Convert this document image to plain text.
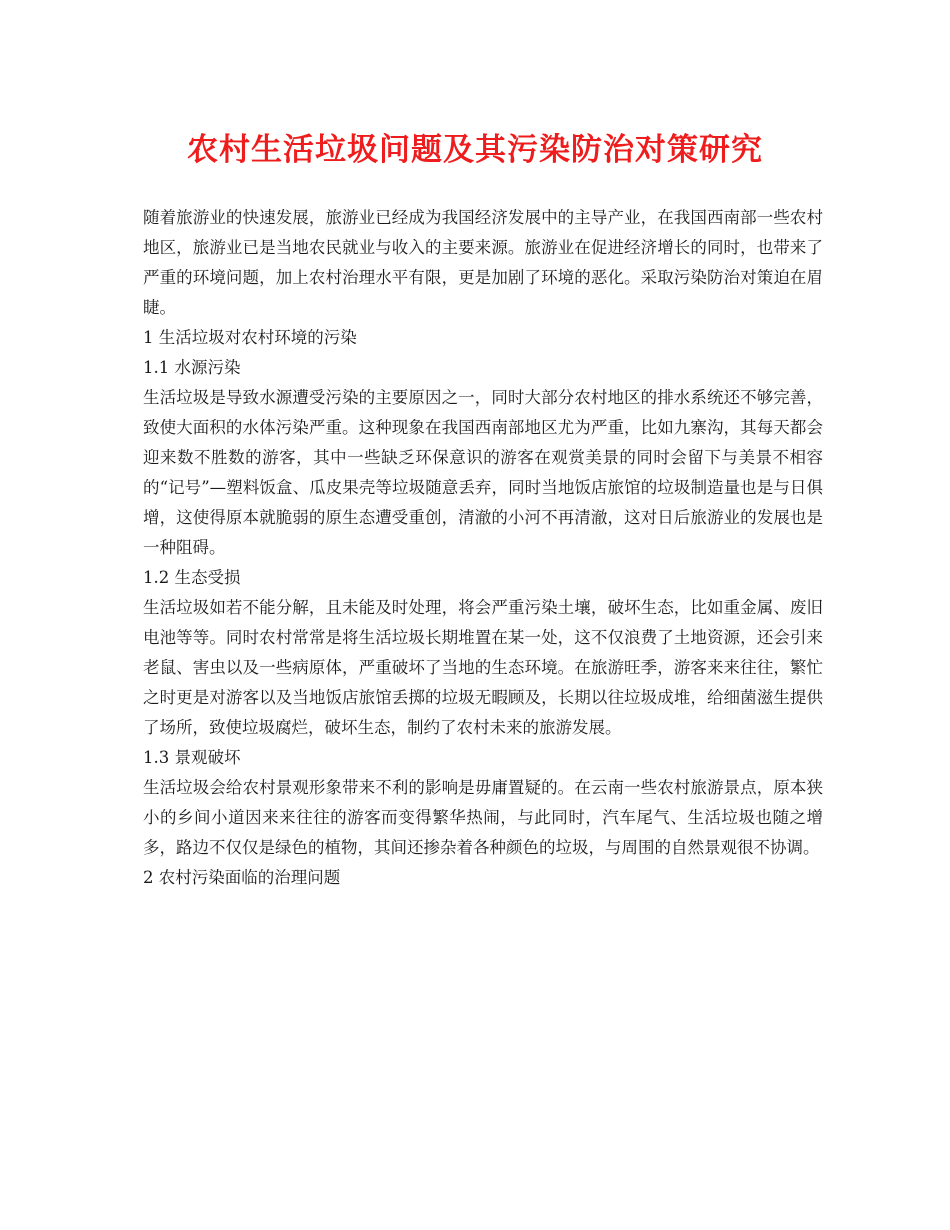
农村生活垃圾问题及其污染防治对策研究

随着旅游业的快速发展，旅游业已经成为我国经济发展中的主导产业，在我国西南部一些农村地区，旅游业已是当地农民就业与收入的主要来源。旅游业在促进经济增长的同时，也带来了严重的环境问题，加上农村治理水平有限，更是加剧了环境的恶化。采取污染防治对策迫在眉睫。

1 生活垃圾对农村环境的污染

1.1 水源污染

生活垃圾是导致水源遭受污染的主要原因之一，同时大部分农村地区的排水系统还不够完善，致使大面积的水体污染严重。这种现象在我国西南部地区尤为严重，比如九寨沟，其每天都会迎来数不胜数的游客，其中一些缺乏环保意识的游客在观赏美景的同时会留下与美景不相容的“记号”—塑料饭盒、瓜皮果壳等垃圾随意丢弃，同时当地饭店旅馆的垃圾制造量也是与日俱增，这使得原本就脆弱的原生态遭受重创，清澈的小河不再清澈，这对日后旅游业的发展也是一种阻碍。

1.2 生态受损

生活垃圾如若不能分解，且未能及时处理，将会严重污染土壤，破坏生态，比如重金属、废旧电池等等。同时农村常常是将生活垃圾长期堆置在某一处，这不仅浪费了土地资源，还会引来老鼠、害虫以及一些病原体，严重破坏了当地的生态环境。在旅游旺季，游客来来往往，繁忙之时更是对游客以及当地饭店旅馆丢掷的垃圾无暇顾及，长期以往垃圾成堆，给细菌滋生提供了场所，致使垃圾腐烂，破坏生态，制约了农村未来的旅游发展。

1.3 景观破坏

生活垃圾会给农村景观形象带来不利的影响是毋庸置疑的。在云南一些农村旅游景点，原本狭小的乡间小道因来来往往的游客而变得繁华热闹，与此同时，汽车尾气、生活垃圾也随之增多，路边不仅仅是绿色的植物，其间还掺杂着各种颜色的垃圾，与周围的自然景观很不协调。

2 农村污染面临的治理问题
